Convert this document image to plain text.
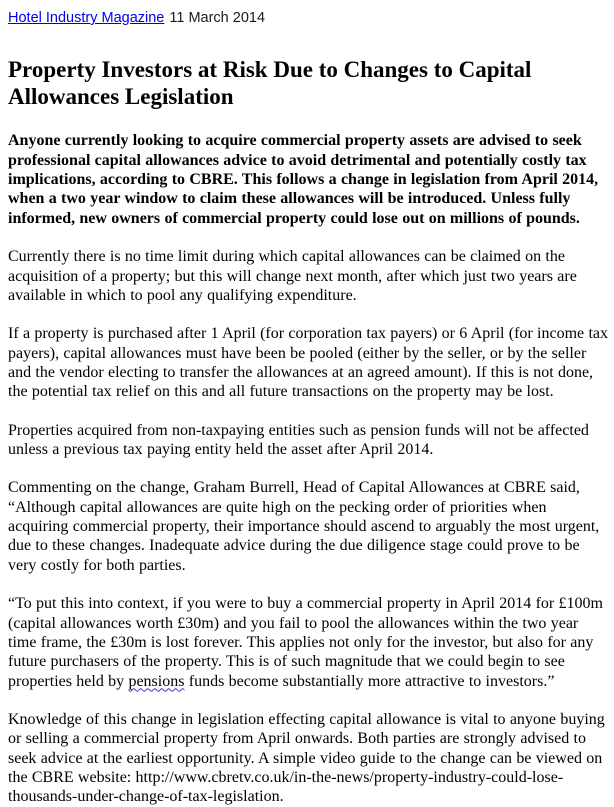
Hotel Industry Magazine 11 March 2014
Property Investors at Risk Due to Changes to Capital Allowances Legislation

Anyone currently looking to acquire commercial property assets are advised to seek professional capital allowances advice to avoid detrimental and potentially costly tax implications, according to CBRE. This follows a change in legislation from April 2014, when a two year window to claim these allowances will be introduced. Unless fully informed, new owners of commercial property could lose out on millions of pounds.

Currently there is no time limit during which capital allowances can be claimed on the acquisition of a property; but this will change next month, after which just two years are available in which to pool any qualifying expenditure.

If a property is purchased after 1 April (for corporation tax payers) or 6 April (for income tax payers), capital allowances must have been be pooled (either by the seller, or by the seller and the vendor electing to transfer the allowances at an agreed amount). If this is not done, the potential tax relief on this and all future transactions on the property may be lost.

Properties acquired from non-taxpaying entities such as pension funds will not be affected unless a previous tax paying entity held the asset after April 2014.

Commenting on the change, Graham Burrell, Head of Capital Allowances at CBRE said, “Although capital allowances are quite high on the pecking order of priorities when acquiring commercial property, their importance should ascend to arguably the most urgent, due to these changes. Inadequate advice during the due diligence stage could prove to be very costly for both parties.

“To put this into context, if you were to buy a commercial property in April 2014 for £100m (capital allowances worth £30m) and you fail to pool the allowances within the two year time frame, the £30m is lost forever. This applies not only for the investor, but also for any future purchasers of the property. This is of such magnitude that we could begin to see properties held by pensions funds become substantially more attractive to investors.”

Knowledge of this change in legislation effecting capital allowance is vital to anyone buying or selling a commercial property from April onwards. Both parties are strongly advised to seek advice at the earliest opportunity. A simple video guide to the change can be viewed on the CBRE website: http://www.cbretv.co.uk/in-the-news/property-industry-could-lose-thousands-under-change-of-tax-legislation.
